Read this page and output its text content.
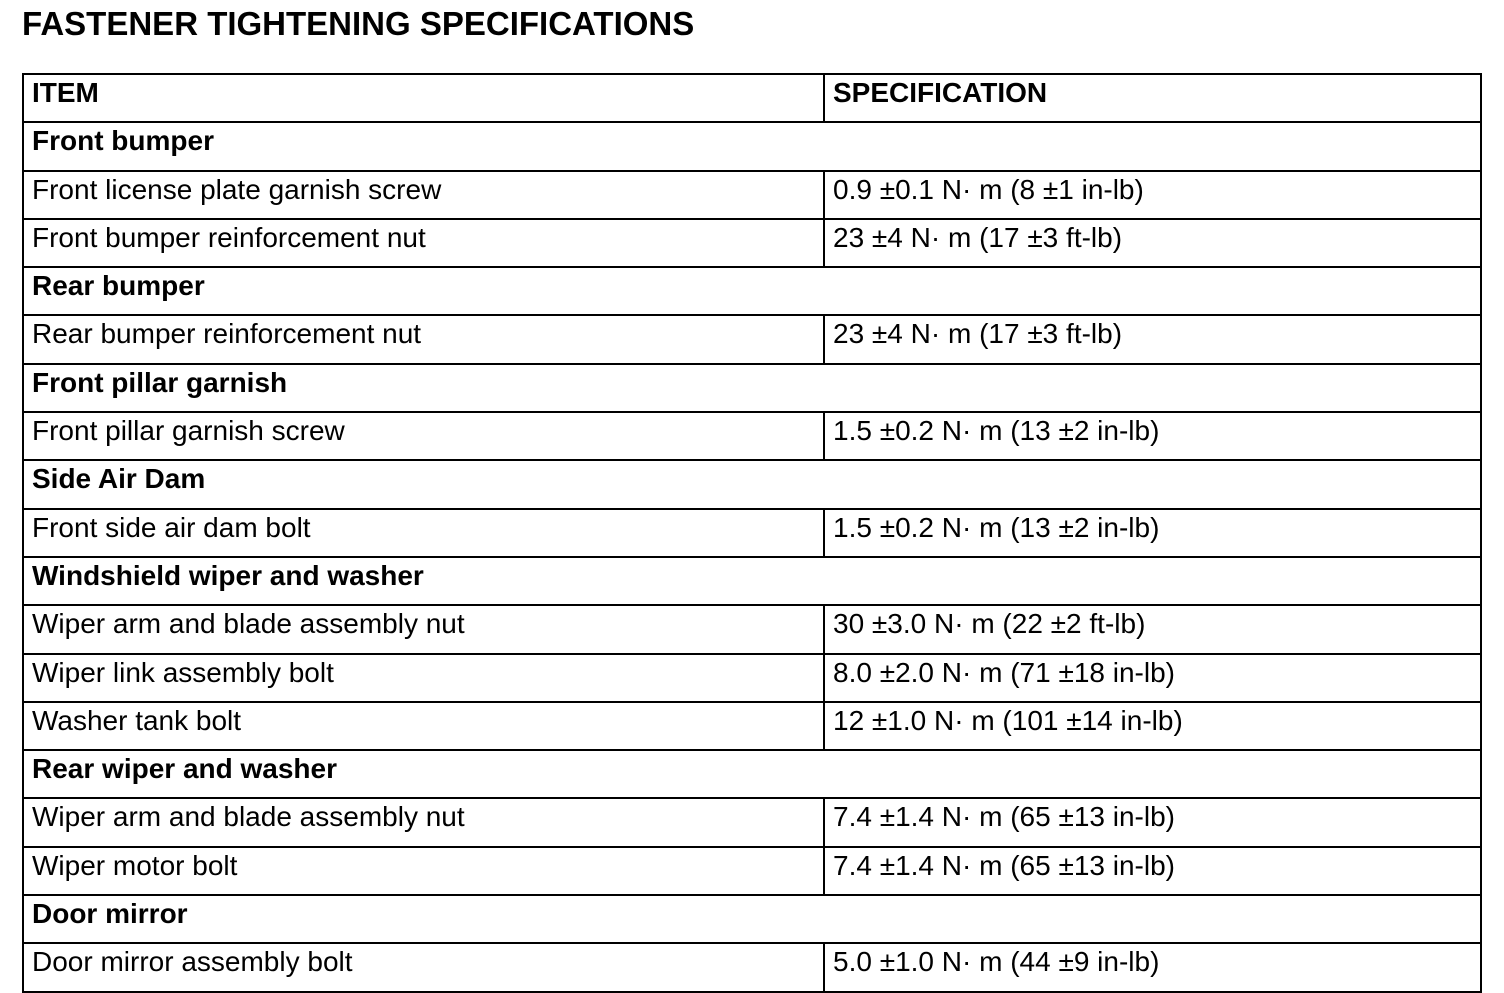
FASTENER TIGHTENING SPECIFICATIONS
ITEM	SPECIFICATION
Front bumper	
Front license plate garnish screw	0.9 ±0.1 N· m (8 ±1 in-lb)
Front bumper reinforcement nut	23 ±4 N· m (17 ±3 ft-lb)
Rear bumper	
Rear bumper reinforcement nut	23 ±4 N· m (17 ±3 ft-lb)
Front pillar garnish	
Front pillar garnish screw	1.5 ±0.2 N· m (13 ±2 in-lb)
Side Air Dam	
Front side air dam bolt	1.5 ±0.2 N· m (13 ±2 in-lb)
Windshield wiper and washer	
Wiper arm and blade assembly nut	30 ±3.0 N· m (22 ±2 ft-lb)
Wiper link assembly bolt	8.0 ±2.0 N· m (71 ±18 in-lb)
Washer tank bolt	12 ±1.0 N· m (101 ±14 in-lb)
Rear wiper and washer	
Wiper arm and blade assembly nut	7.4 ±1.4 N· m (65 ±13 in-lb)
Wiper motor bolt	7.4 ±1.4 N· m (65 ±13 in-lb)
Door mirror	
Door mirror assembly bolt	5.0 ±1.0 N· m (44 ±9 in-lb)
